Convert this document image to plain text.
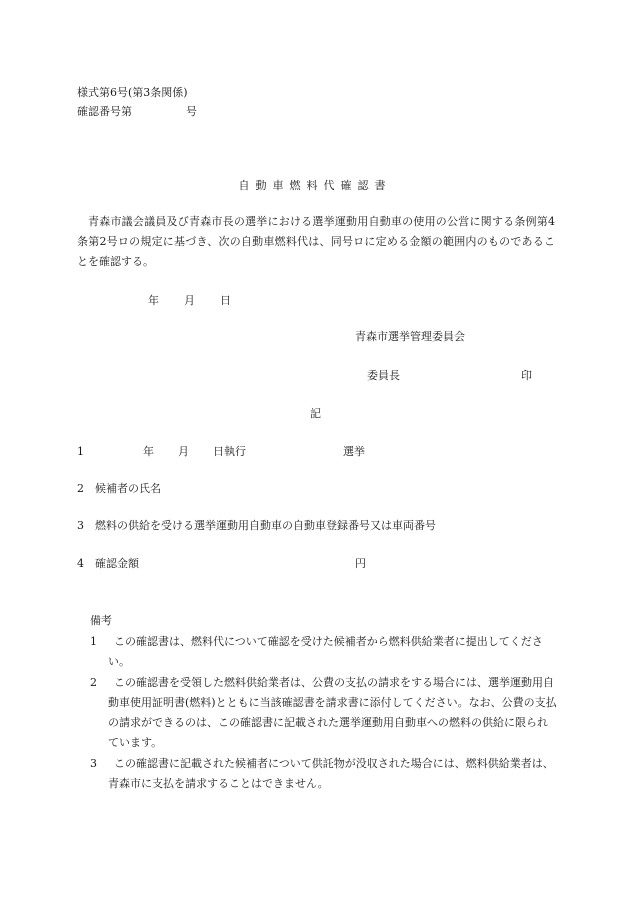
様式第6号(第3条関係)
確認番号第	号
自動車燃料代確認書
青森市議会議員及び青森市長の選挙における選挙運動用自動車の使用の公営に関する条例第4条第2号ロの規定に基づき、次の自動車燃料代は、同号ロに定める金額の範囲内のものであることを確認する。
年 月 日
青森市選挙管理委員会
委員長	印
記
1	年 月 日執行	選挙
2 候補者の氏名
3 燃料の供給を受ける選挙運動用自動車の自動車登録番号又は車両番号
4 確認金額	円
備考
1	この確認書は、燃料代について確認を受けた候補者から燃料供給業者に提出してください。
2	この確認書を受領した燃料供給業者は、公費の支払の請求をする場合には、選挙運動用自動車使用証明書(燃料)とともに当該確認書を請求書に添付してください。なお、公費の支払の請求ができるのは、この確認書に記載された選挙運動用自動車への燃料の供給に限られています。
3	この確認書に記載された候補者について供託物が没収された場合には、燃料供給業者は、青森市に支払を請求することはできません。
